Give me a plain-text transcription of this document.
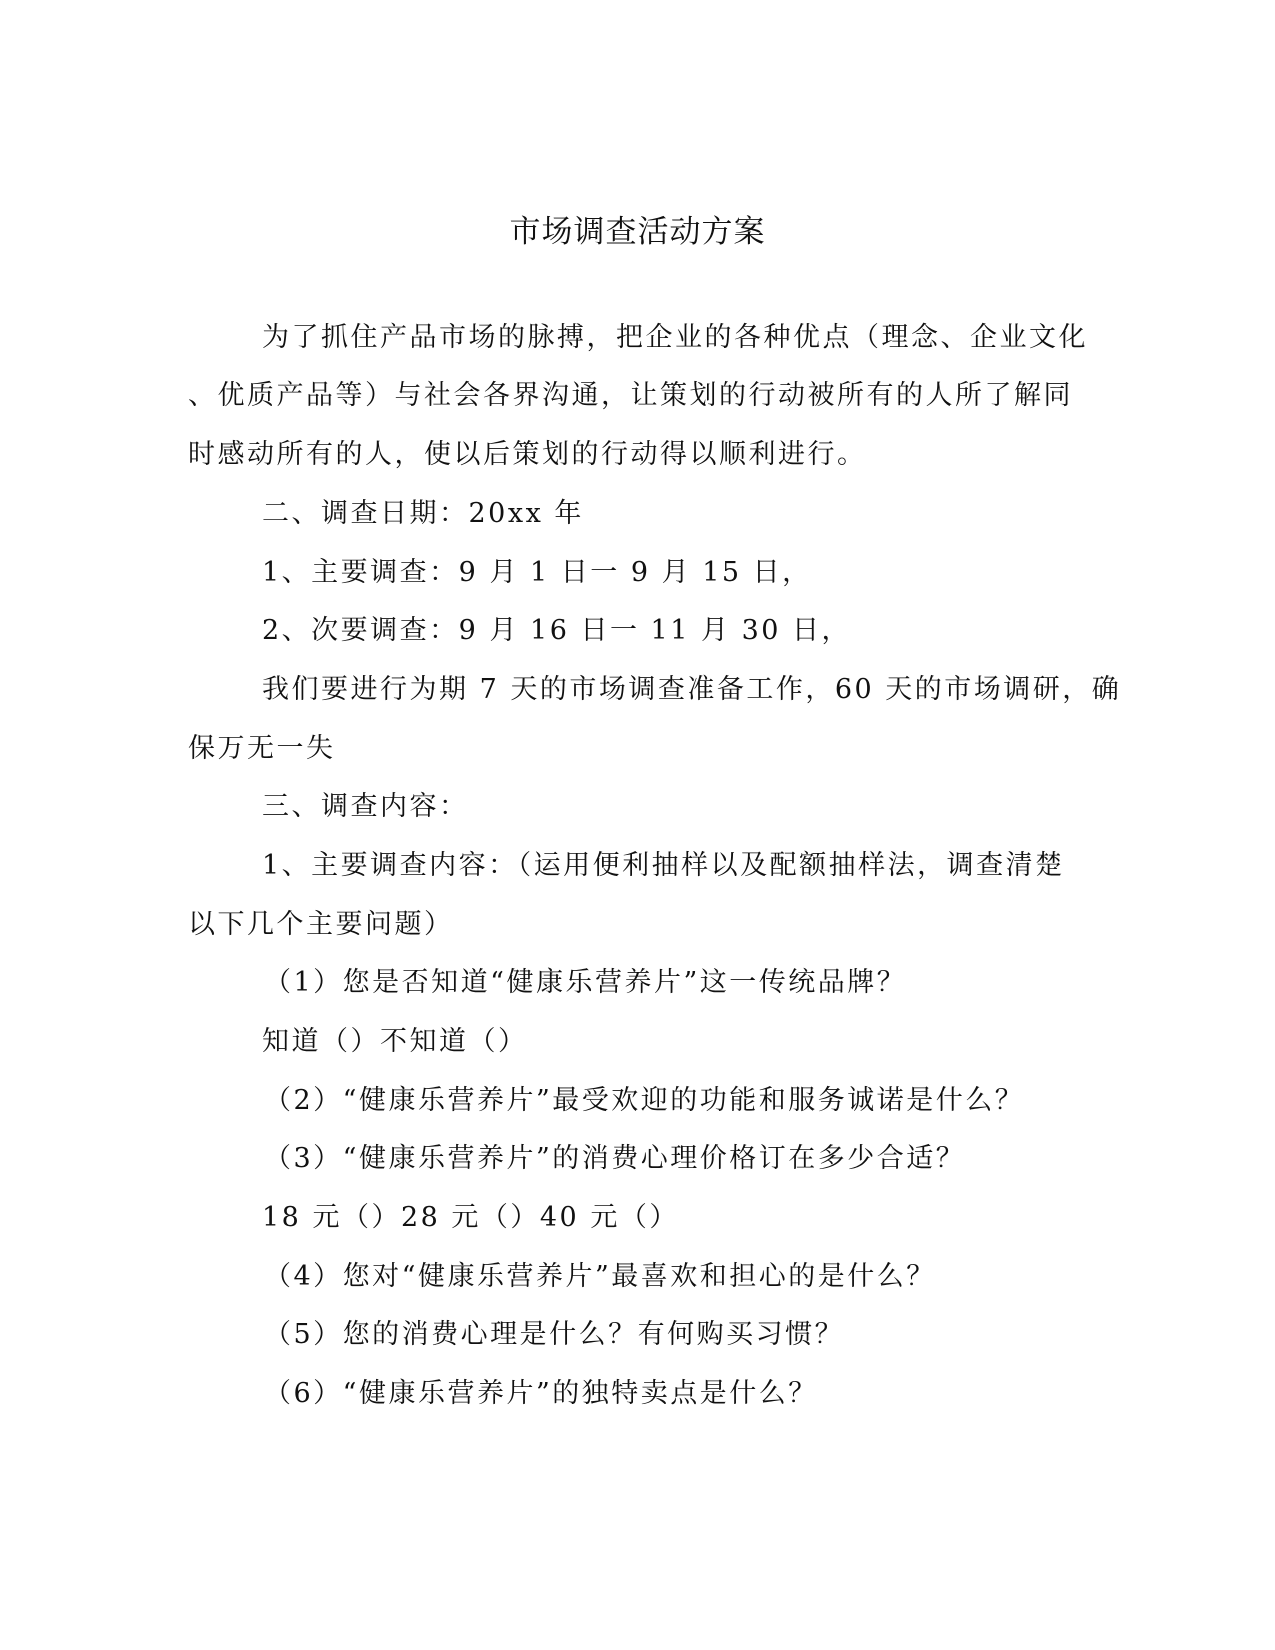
市场调查活动方案
为了抓住产品市场的脉搏，把企业的各种优点（理念、企业文化
、优质产品等）与社会各界沟通，让策划的行动被所有的人所了解同
时感动所有的人，使以后策划的行动得以顺利进行。
二、调查日期：20xx 年
1、主要调查：9 月 1 日一 9 月 15 日，
2、次要调查：9 月 16 日一 11 月 30 日，
我们要进行为期 7 天的市场调查准备工作，60 天的市场调研，确
保万无一失
三、调查内容：
1、主要调查内容：（运用便利抽样以及配额抽样法，调查清楚
以下几个主要问题）
（1）您是否知道“健康乐营养片”这一传统品牌？
知道（）不知道（）
（2）“健康乐营养片”最受欢迎的功能和服务诚诺是什么？
（3）“健康乐营养片”的消费心理价格订在多少合适？
18 元（）28 元（）40 元（）
（4）您对“健康乐营养片”最喜欢和担心的是什么？
（5）您的消费心理是什么？有何购买习惯？
（6）“健康乐营养片”的独特卖点是什么？
